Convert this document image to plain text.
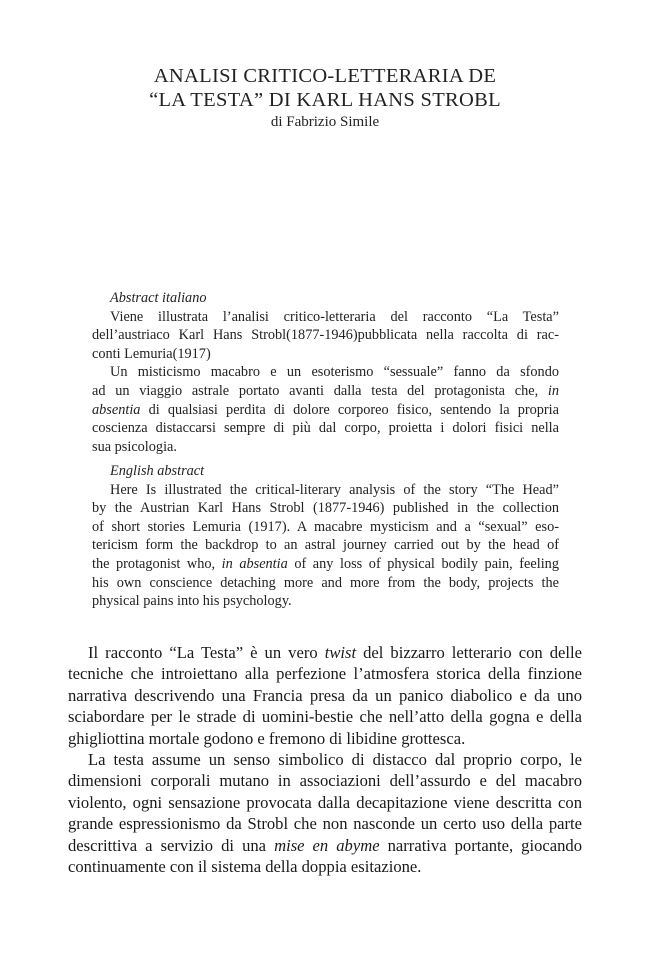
ANALISI CRITICO-LETTERARIA DE
“LA TESTA” DI KARL HANS STROBL
di Fabrizio Simile
Abstract italiano
Viene illustrata l’analisi critico-letteraria del racconto “La Testa”
dell’austriaco Karl Hans Strobl(1877-1946)pubblicata nella raccolta di rac-
conti Lemuria(1917)
Un misticismo macabro e un esoterismo “sessuale” fanno da sfondo
ad un viaggio astrale portato avanti dalla testa del protagonista che, in
absentia di qualsiasi perdita di dolore corporeo fisico, sentendo la propria
coscienza distaccarsi sempre di più dal corpo, proietta i dolori fisici nella
sua psicologia.
English abstract
Here Is illustrated the critical-literary analysis of the story “The Head”
by the Austrian Karl Hans Strobl (1877-1946) published in the collection
of short stories Lemuria (1917). A macabre mysticism and a “sexual” eso-
tericism form the backdrop to an astral journey carried out by the head of
the protagonist who, in absentia of any loss of physical bodily pain, feeling
his own conscience detaching more and more from the body, projects the
physical pains into his psychology.
Il racconto “La Testa” è un vero twist del bizzarro letterario con delle
tecniche che introiettano alla perfezione l’atmosfera storica della finzione
narrativa descrivendo una Francia presa da un panico diabolico e da uno
sciabordare per le strade di uomini-bestie che nell’atto della gogna e della
ghigliottina mortale godono e fremono di libidine grottesca.
La testa assume un senso simbolico di distacco dal proprio corpo, le
dimensioni corporali mutano in associazioni dell’assurdo e del macabro
violento, ogni sensazione provocata dalla decapitazione viene descritta con
grande espressionismo da Strobl che non nasconde un certo uso della parte
descrittiva a servizio di una mise en abyme narrativa portante, giocando
continuamente con il sistema della doppia esitazione.
